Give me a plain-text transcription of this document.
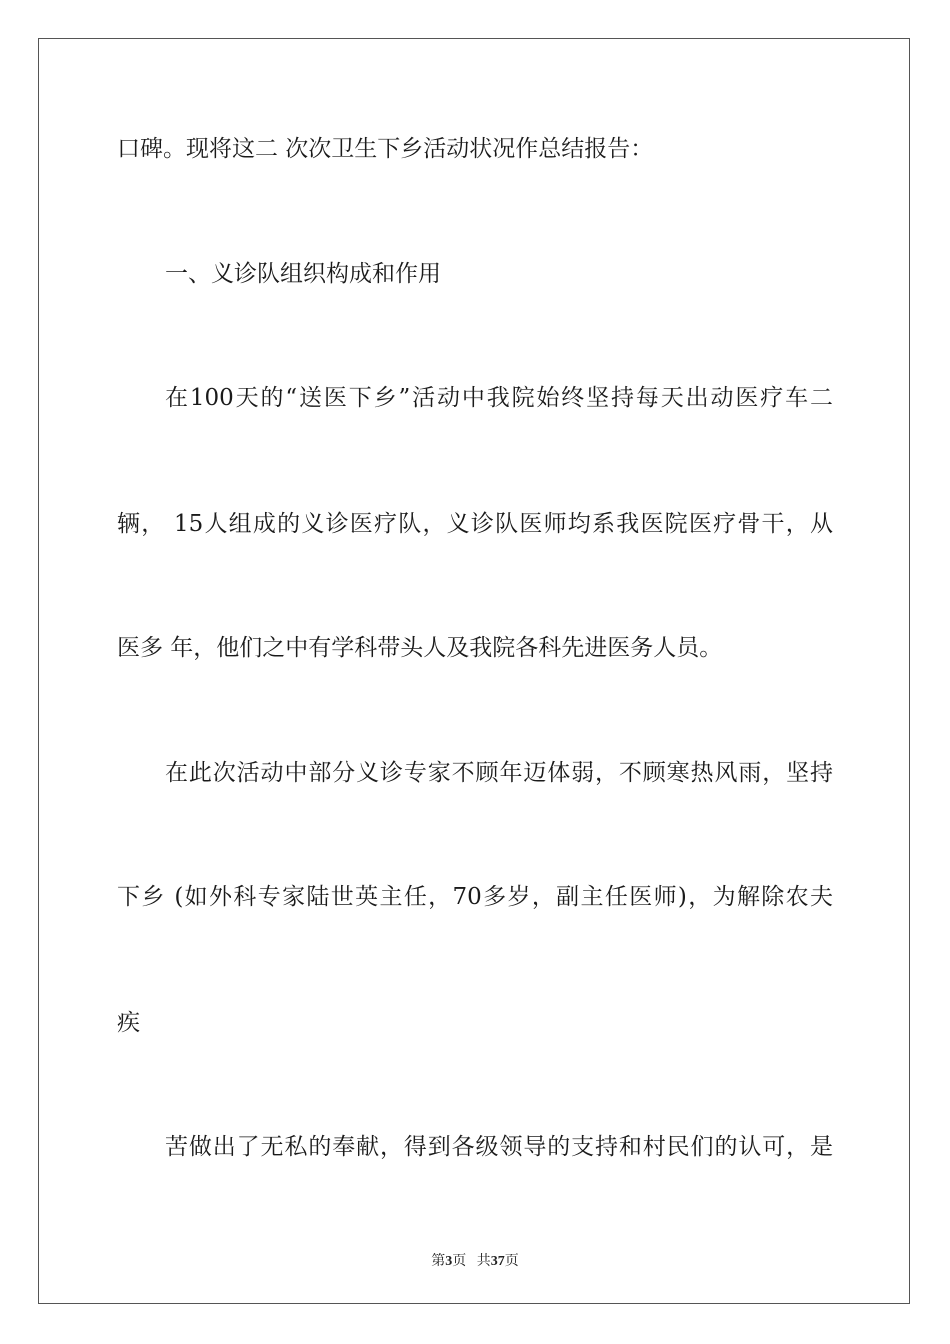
口碑。现将这二 次次卫生下乡活动状况作总结报告：
一、义诊队组织构成和作用
在100天的“送医下乡”活动中我院始终坚持每天出动医疗车二
辆， 15人组成的义诊医疗队，义诊队医师均系我医院医疗骨干，从
医多 年，他们之中有学科带头人及我院各科先进医务人员。
在此次活动中部分义诊专家不顾年迈体弱，不顾寒热风雨，坚持
下乡 (如外科专家陆世英主任，70多岁，副主任医师)，为解除农夫
疾
苦做出了无私的奉献，得到各级领导的支持和村民们的认可，是
第3页 共37页
